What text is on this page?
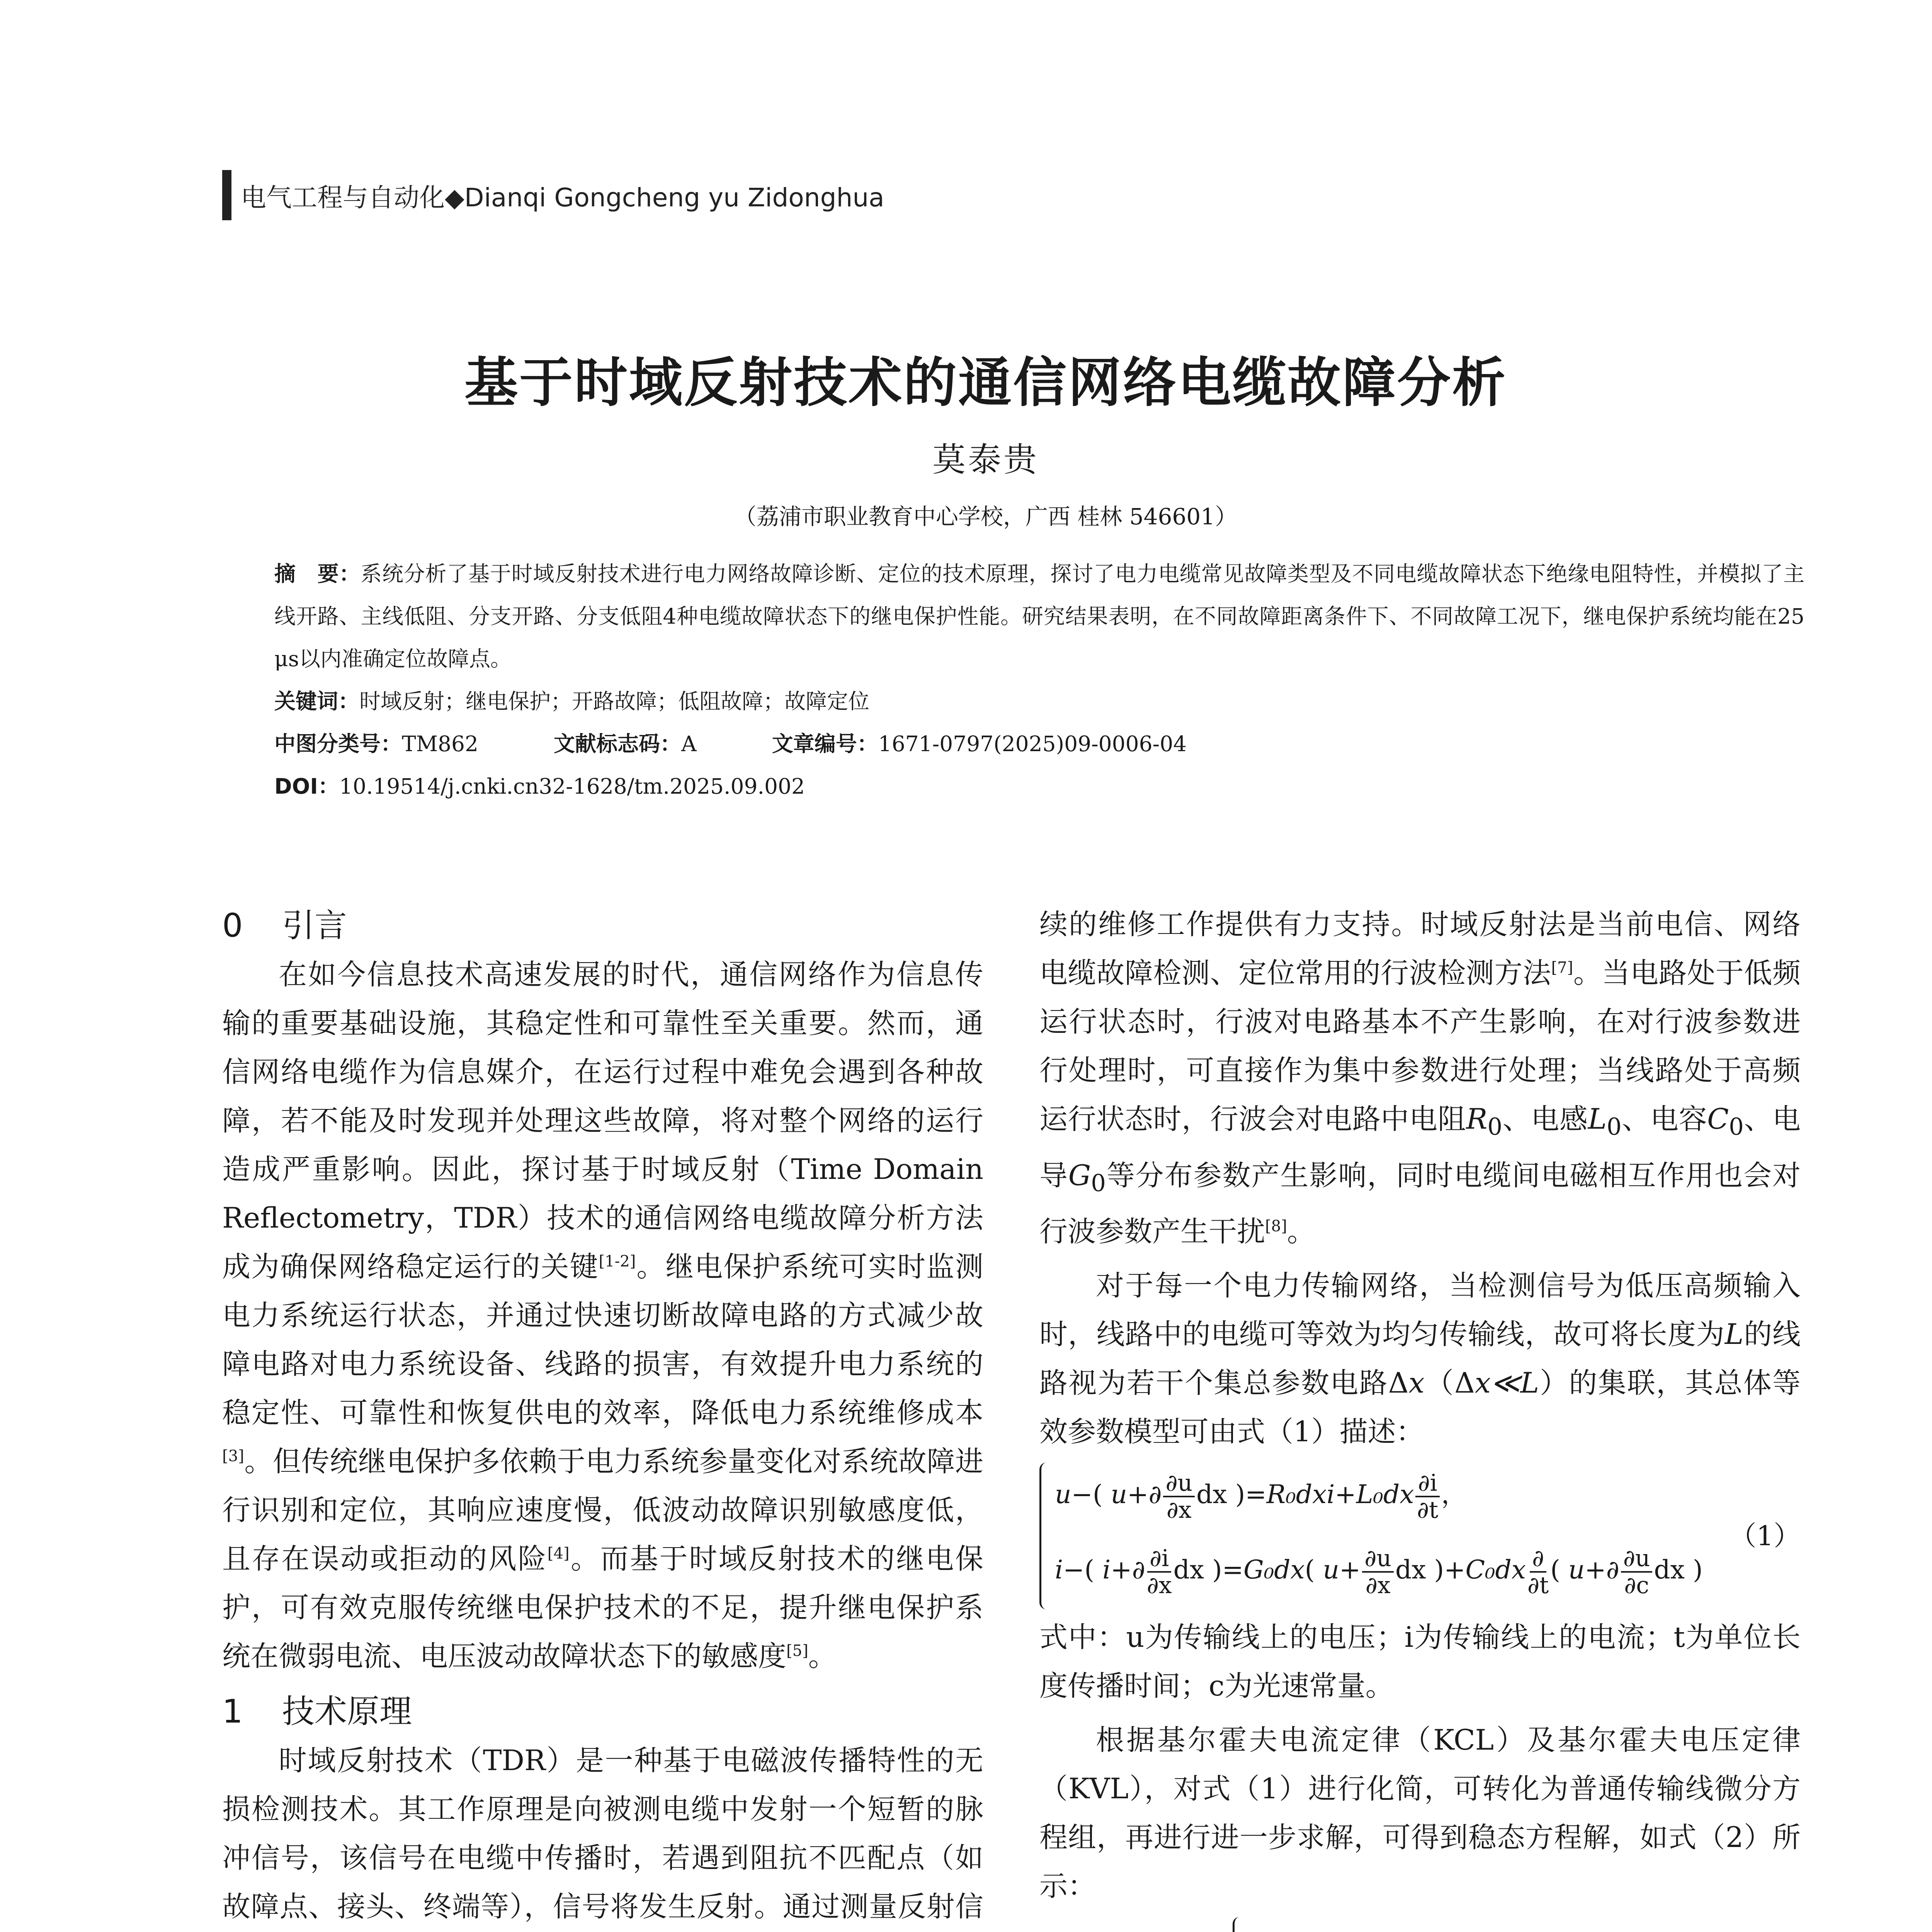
电气工程与自动化◆Dianqi Gongcheng yu Zidonghua
基于时域反射技术的通信网络电缆故障分析
莫泰贵
（荔浦市职业教育中心学校，广西 桂林 546601）
摘　要：系统分析了基于时域反射技术进行电力网络故障诊断、定位的技术原理，探讨了电力电缆常见故障类型及不同电缆故障状态下绝缘电阻特性，并模拟了主线开路、主线低阻、分支开路、分支低阻4种电缆故障状态下的继电保护性能。研究结果表明，在不同故障距离条件下、不同故障工况下，继电保护系统均能在25　μs以内准确定位故障点。
关键词：时域反射；继电保护；开路故障；低阻故障；故障定位
中图分类号：TM862	文献标志码：A	文章编号：1671-0797(2025)09-0006-04
DOI：10.19514/j.cnki.cn32-1628/tm.2025.09.002
0 引言

在如今信息技术高速发展的时代，通信网络作为信息传输的重要基础设施，其稳定性和可靠性至关重要。然而，通信网络电缆作为信息媒介，在运行过程中难免会遇到各种故障，若不能及时发现并处理这些故障，将对整个网络的运行造成严重影响。因此，探讨基于时域反射（Time Domain Reflectometry，TDR）技术的通信网络电缆故障分析方法成为确保网络稳定运行的关键[1-2]。继电保护系统可实时监测电力系统运行状态，并通过快速切断故障电路的方式减少故障电路对电力系统设备、线路的损害，有效提升电力系统的稳定性、可靠性和恢复供电的效率，降低电力系统维修成本[3]。但传统继电保护多依赖于电力系统参量变化对系统故障进行识别和定位，其响应速度慢，低波动故障识别敏感度低，且存在误动或拒动的风险[4]。而基于时域反射技术的继电保护，可有效克服传统继电保护技术的不足，提升继电保护系统在微弱电流、电压波动故障状态下的敏感度[5]。

1 技术原理

时域反射技术（TDR）是一种基于电磁波传播特性的无损检测技术。其工作原理是向被测电缆中发射一个短暂的脉冲信号，该信号在电缆中传播时，若遇到阻抗不匹配点（如故障点、接头、终端等），信号将发生反射。通过测量反射信

续的维修工作提供有力支持。时域反射法是当前电信、网络电缆故障检测、定位常用的行波检测方法[7]。当电路处于低频运行状态时，行波对电路基本不产生影响，在对行波参数进行处理时，可直接作为集中参数进行处理；当线路处于高频运行状态时，行波会对电路中电阻$R_0$、电感$L_0$、电容$C_0$、电导$G_0$等分布参数产生影响，同时电缆间电磁相互作用也会对行波参数产生干扰[8]。

对于每一个电力传输网络，当检测信号为低压高频输入时，线路中的电缆可等效为均匀传输线，故可将长度为L的线路视为若干个集总参数电路Δx（Δx≪L）的集联，其总体等效参数模型可由式（1）描述：

u−( $u+\partial \frac{\partial u}{\partial x}$ dx )$=R_0dxi+L_0dx \frac{\partial i}{\partial t}$ ，
i−( $i+\partial \frac{\partial i}{\partial x}$ dx )=G₀dx( $u+ \frac{\partial u}{\partial x}$ dx )$+C_0dx \frac{\partial}{\partial t}$ ( $u+\partial \frac{\partial u}{\partial c}$ dx )
（1）

式中：u为传输线上的电压；i为传输线上的电流；t为单位长度传播时间；c为光速常量。

根据基尔霍夫电流定律（KCL）及基尔霍夫电压定律（KVL），对式（1）进行化简，可转化为普通传输线微分方程组，再进行进一步求解，可得到稳态方程解，如式（2）所示：
